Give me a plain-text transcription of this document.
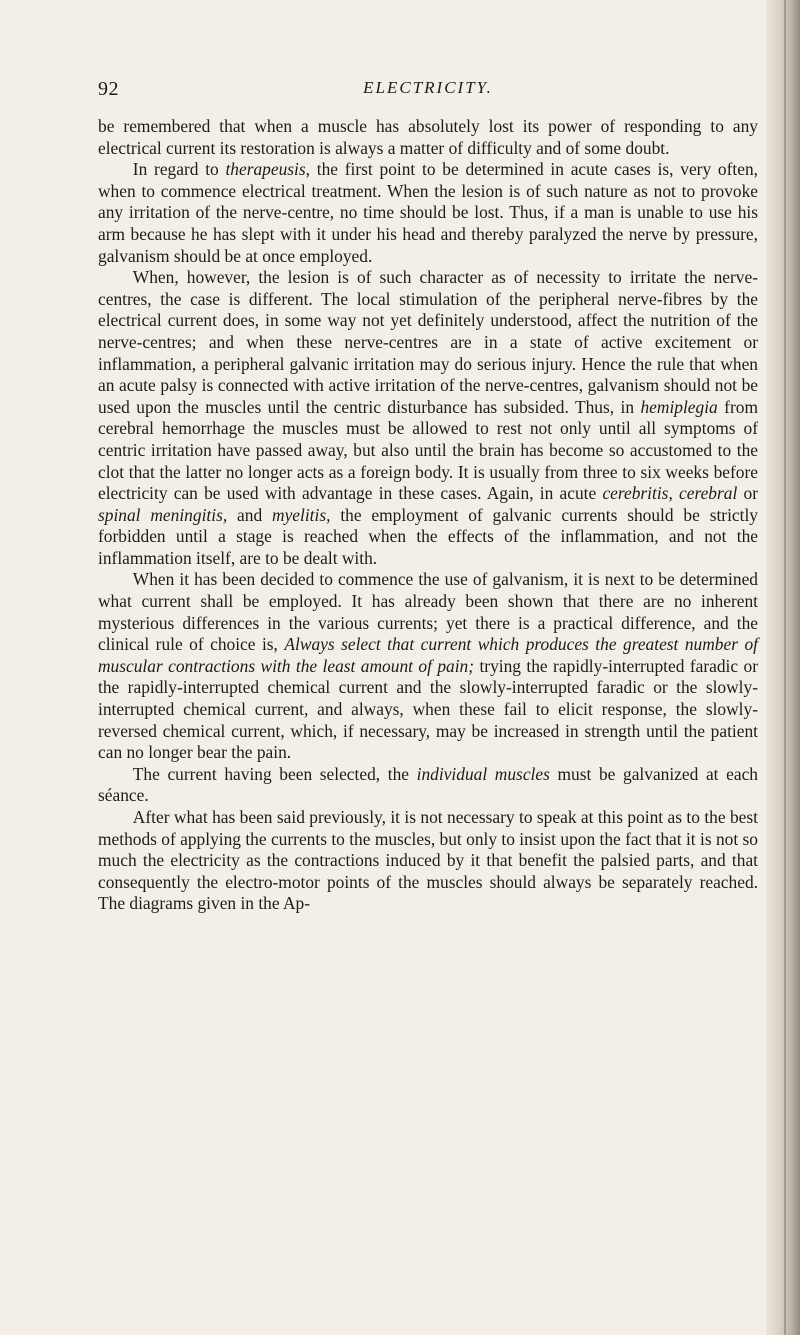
92	ELECTRICITY.

be remembered that when a muscle has absolutely lost its power of responding to any electrical current its restoration is always a matter of difficulty and of some doubt.

In regard to therapeusis, the first point to be determined in acute cases is, very often, when to commence electrical treatment. When the lesion is of such nature as not to provoke any irritation of the nerve-centre, no time should be lost. Thus, if a man is unable to use his arm because he has slept with it under his head and thereby paralyzed the nerve by pressure, galvanism should be at once employed.

When, however, the lesion is of such character as of necessity to irritate the nerve-centres, the case is different. The local stimulation of the peripheral nerve-fibres by the electrical current does, in some way not yet definitely understood, affect the nutrition of the nerve-centres; and when these nerve-centres are in a state of active excitement or inflammation, a peripheral galvanic irritation may do serious injury. Hence the rule that when an acute palsy is connected with active irritation of the nerve-centres, galvanism should not be used upon the muscles until the centric disturbance has subsided. Thus, in hemiplegia from cerebral hemorrhage the muscles must be allowed to rest not only until all symptoms of centric irritation have passed away, but also until the brain has become so accustomed to the clot that the latter no longer acts as a foreign body. It is usually from three to six weeks before electricity can be used with advantage in these cases. Again, in acute cerebritis, cerebral or spinal meningitis, and myelitis, the employment of galvanic currents should be strictly forbidden until a stage is reached when the effects of the inflammation, and not the inflammation itself, are to be dealt with.

When it has been decided to commence the use of galvanism, it is next to be determined what current shall be employed. It has already been shown that there are no inherent mysterious differences in the various currents; yet there is a practical difference, and the clinical rule of choice is, Always select that current which produces the greatest number of muscular contractions with the least amount of pain; trying the rapidly-interrupted faradic or the rapidly-interrupted chemical current and the slowly-interrupted faradic or the slowly-interrupted chemical current, and always, when these fail to elicit response, the slowly-reversed chemical current, which, if necessary, may be increased in strength until the patient can no longer bear the pain.

The current having been selected, the individual muscles must be galvanized at each séance.

After what has been said previously, it is not necessary to speak at this point as to the best methods of applying the currents to the muscles, but only to insist upon the fact that it is not so much the electricity as the contractions induced by it that benefit the palsied parts, and that consequently the electro-motor points of the muscles should always be separately reached. The diagrams given in the Ap-
